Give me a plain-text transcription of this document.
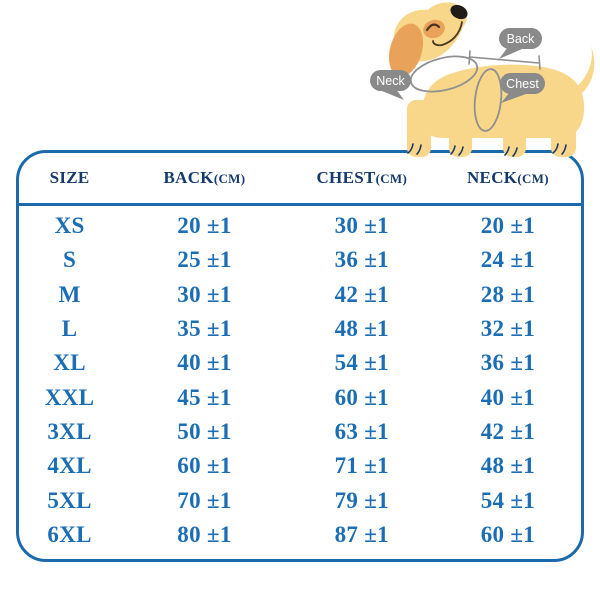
Back
Neck	Chest
SIZE	BACK(CM)	CHEST(CM)	NECK(CM)
XS	20 ±1	30 ±1	20 ±1
S	25 ±1	36 ±1	24 ±1
M	30 ±1	42 ±1	28 ±1
L	35 ±1	48 ±1	32 ±1
XL	40 ±1	54 ±1	36 ±1
XXL	45 ±1	60 ±1	40 ±1
3XL	50 ±1	63 ±1	42 ±1
4XL	60 ±1	71 ±1	48 ±1
5XL	70 ±1	79 ±1	54 ±1
6XL	80 ±1	87 ±1	60 ±1
